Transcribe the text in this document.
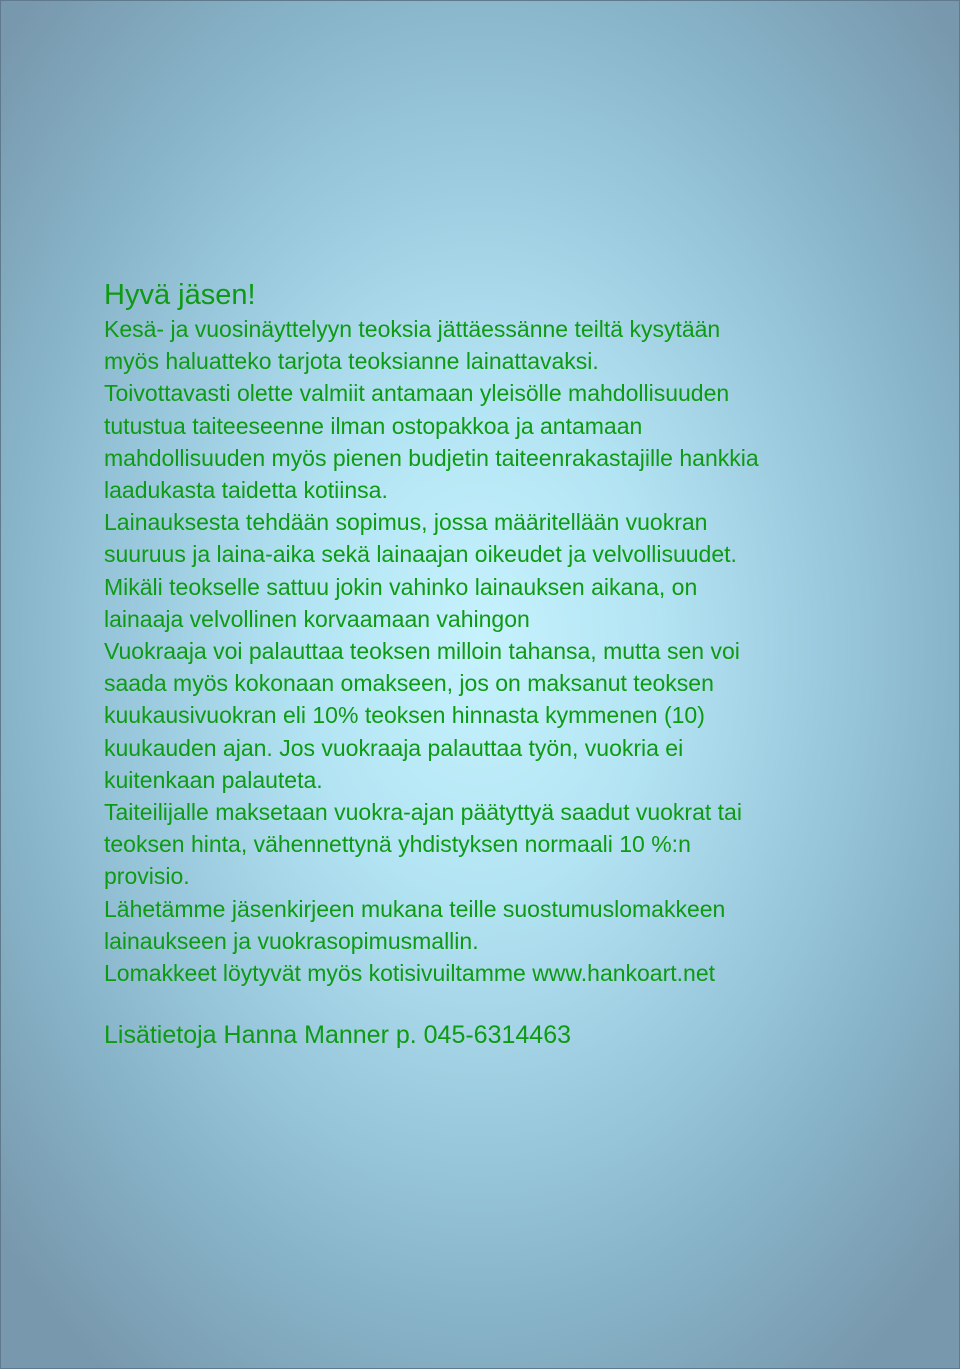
Hyvä jäsen!

Kesä- ja vuosinäyttelyyn teoksia jättäessänne teiltä kysytään

myös haluatteko tarjota teoksianne lainattavaksi.

Toivottavasti olette valmiit antamaan yleisölle mahdollisuuden

tutustua taiteeseenne ilman ostopakkoa ja antamaan

mahdollisuuden myös pienen budjetin taiteenrakastajille hankkia

laadukasta taidetta kotiinsa.

Lainauksesta tehdään sopimus, jossa määritellään vuokran

suuruus ja laina-aika sekä lainaajan oikeudet ja velvollisuudet.

Mikäli teokselle sattuu jokin vahinko lainauksen aikana, on

lainaaja velvollinen korvaamaan vahingon

Vuokraaja voi palauttaa teoksen milloin tahansa, mutta sen voi

saada myös kokonaan omakseen, jos on maksanut teoksen

kuukausivuokran eli 10% teoksen hinnasta kymmenen (10)

kuukauden ajan. Jos vuokraaja palauttaa työn, vuokria ei

kuitenkaan palauteta.

Taiteilijalle maksetaan vuokra-ajan päätyttyä saadut vuokrat tai

teoksen hinta, vähennettynä yhdistyksen normaali 10 %:n

provisio.

Lähetämme jäsenkirjeen mukana teille suostumuslomakkeen

lainaukseen ja vuokrasopimusmallin.

Lomakkeet löytyvät myös kotisivuiltamme www.hankoart.net

Lisätietoja Hanna Manner p. 045-6314463
